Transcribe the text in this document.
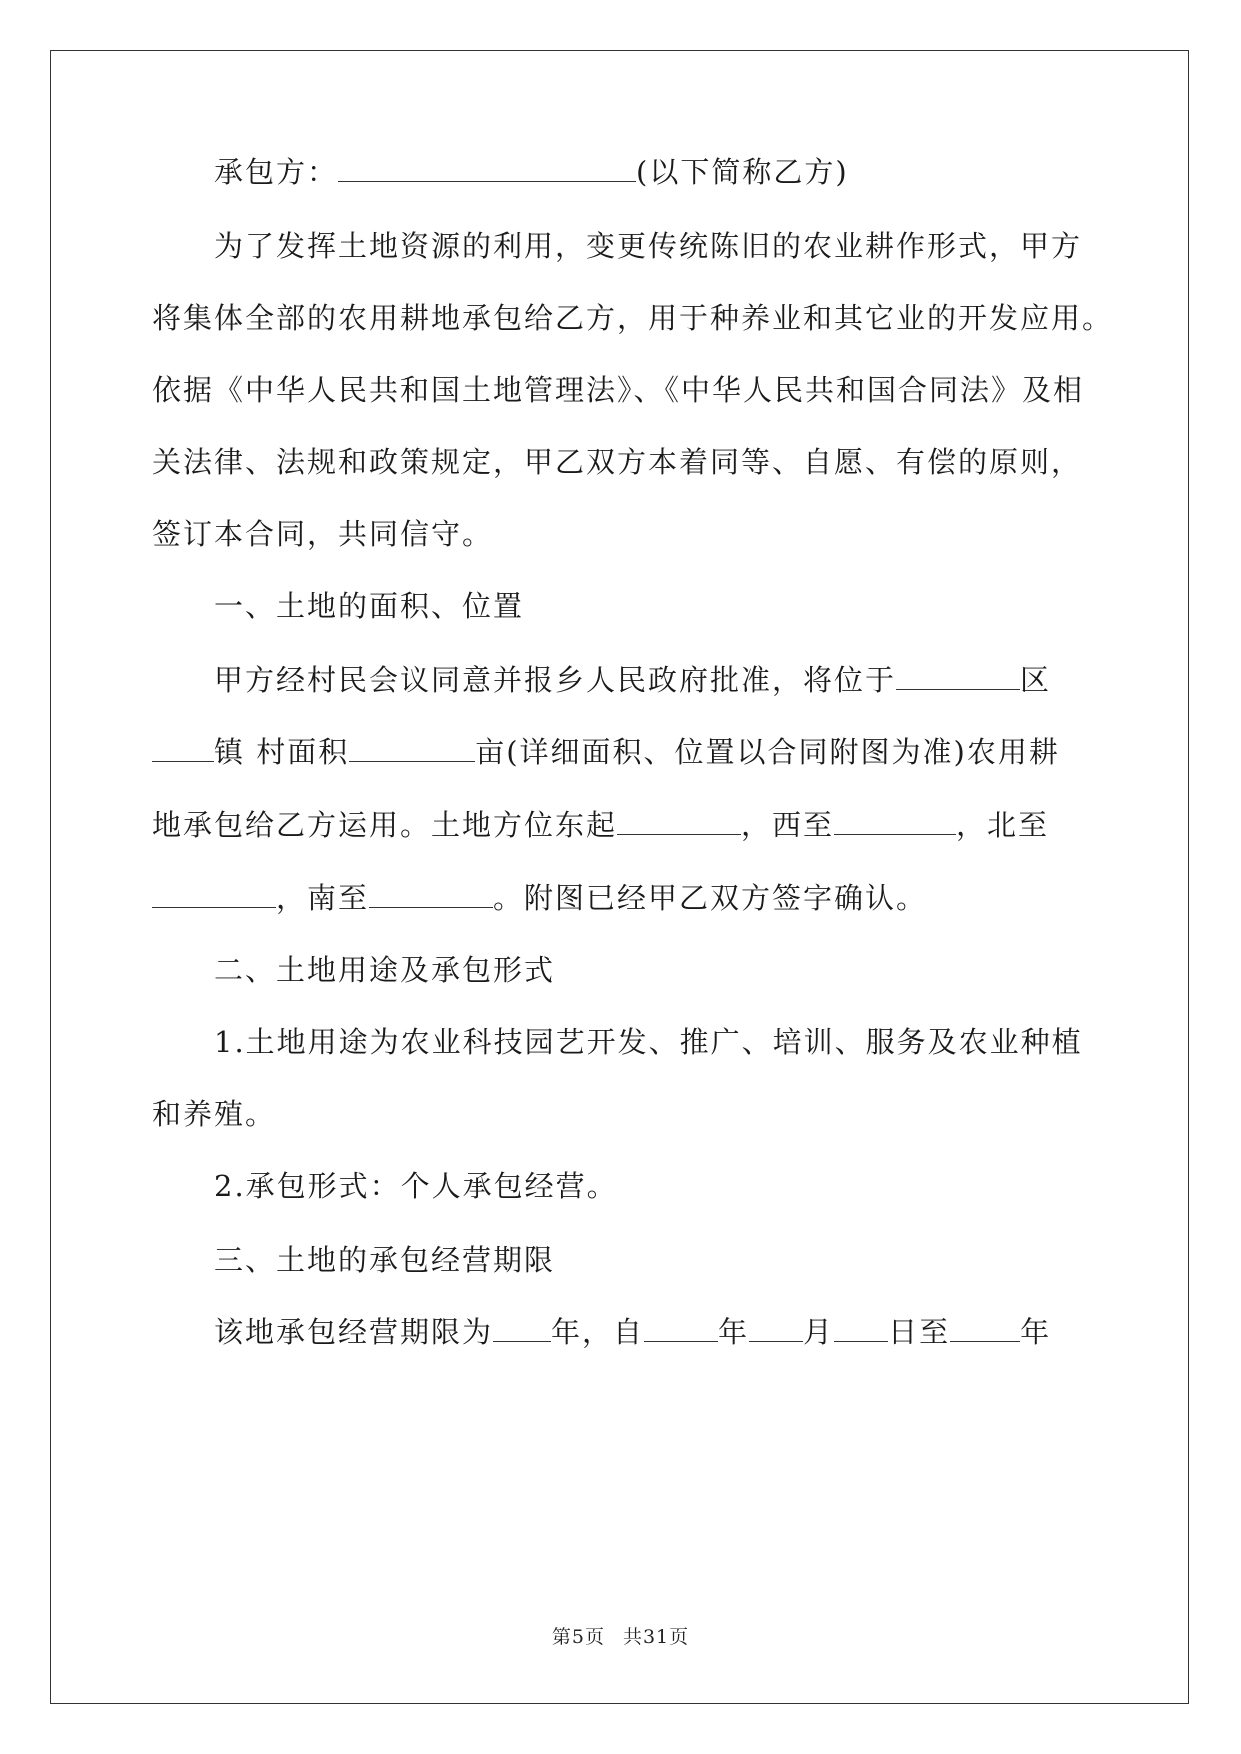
承包方：	(以下简称乙方)
为了发挥土地资源的利用，变更传统陈旧的农业耕作形式，甲方
将集体全部的农用耕地承包给乙方，用于种养业和其它业的开发应用。
依据《中华人民共和国土地管理法》、《中华人民共和国合同法》及相
关法律、法规和政策规定，甲乙双方本着同等、自愿、有偿的原则，
签订本合同，共同信守。
一、土地的面积、位置
甲方经村民会议同意并报乡人民政府批准，将位于	区
镇 村面积	亩(详细面积、位置以合同附图为准)农用耕
地承包给乙方运用。土地方位东起	，西至	，北至
，南至	。附图已经甲乙双方签字确认。
二、土地用途及承包形式
1.土地用途为农业科技园艺开发、推广、培训、服务及农业种植
和养殖。
2.承包形式：个人承包经营。
三、土地的承包经营期限
该地承包经营期限为 年，自	年 月 日至 年
第5页 共31页
